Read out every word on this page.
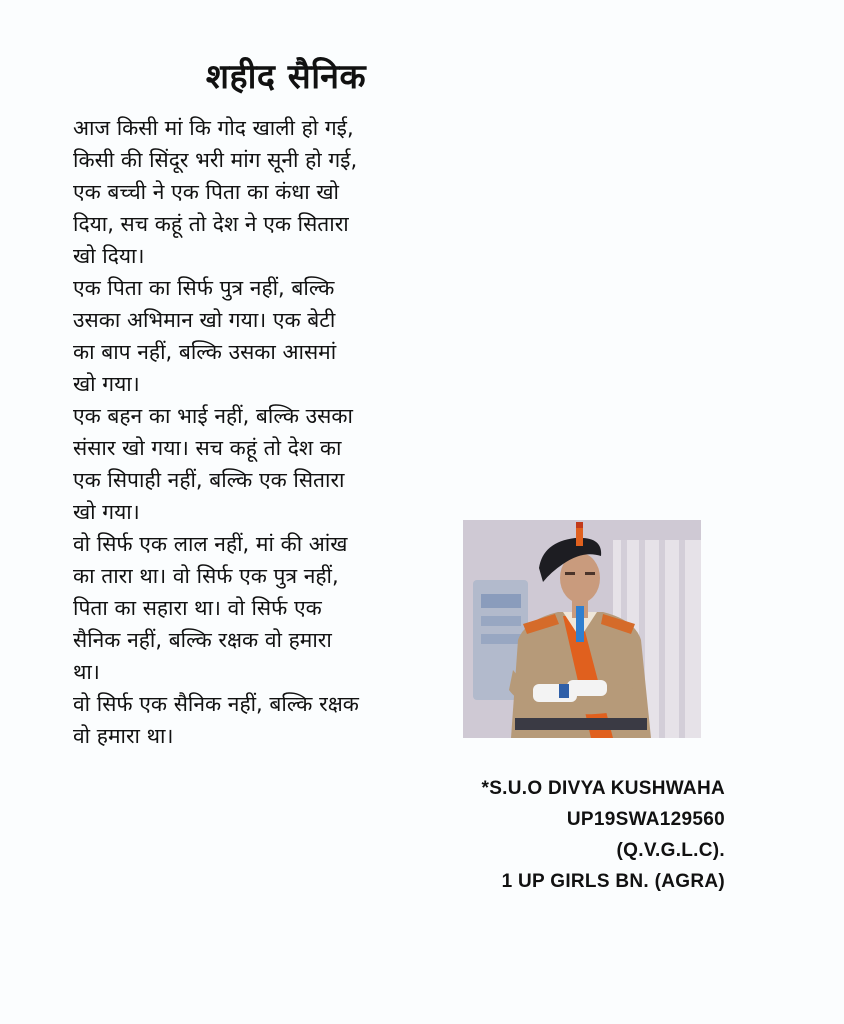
शहीद सैनिक
आज किसी मां कि गोद खाली हो गई,
किसी की सिंदूर भरी मांग सूनी हो गई,
एक बच्ची ने एक पिता का कंधा खो
दिया, सच कहूं तो देश ने एक सितारा
खो दिया।
एक पिता का सिर्फ पुत्र नहीं, बल्कि
उसका अभिमान खो गया। एक बेटी
का बाप नहीं, बल्कि उसका आसमां
खो गया।
एक बहन का भाई नहीं, बल्कि उसका
संसार खो गया। सच कहूं तो देश का
एक सिपाही नहीं, बल्कि एक सितारा
खो गया।
वो सिर्फ एक लाल नहीं, मां की आंख
का तारा था। वो सिर्फ एक पुत्र नहीं,
पिता का सहारा था। वो सिर्फ एक
सैनिक नहीं, बल्कि रक्षक वो हमारा
था।
वो सिर्फ एक सैनिक नहीं, बल्कि रक्षक
वो हमारा था।
*S.U.O DIVYA KUSHWAHA
UP19SWA129560
(Q.V.G.L.C).
1 UP GIRLS BN. (AGRA)
